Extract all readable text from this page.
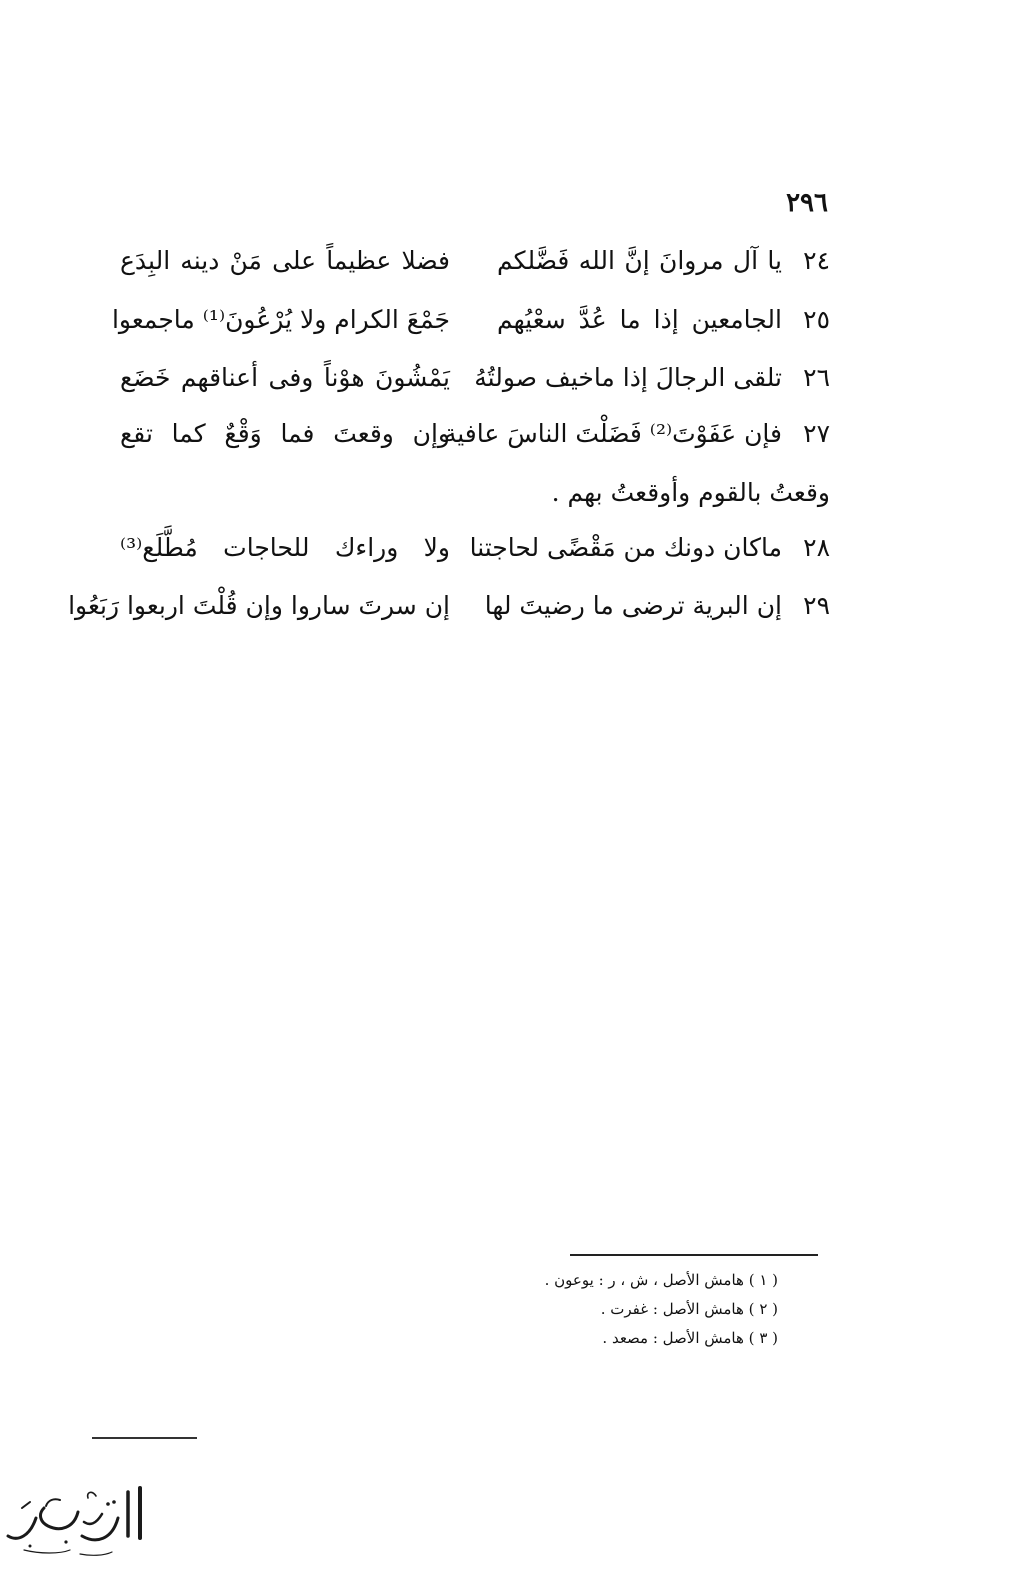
٢٩٦
٢٤
يا آل مروانَ إنَّ الله فَضَّلكم
فضلا عظيماً على مَنْ دينه البِدَع
٢٥
الجامعين إذا ما عُدَّ سعْيُهم
جَمْعَ الكرام ولا يُرْعُونَ⁽¹⁾ ماجمعوا
٢٦
تلقى الرجالَ إذا ماخيف صولتُهُ
يَمْشُونَ هوْناً وفى أعناقهم خَضَع
٢٧
فإن عَفَوْتَ⁽²⁾ فَضَلْتَ الناسَ عافية
وإن وقعتَ فما وَقْعٌ كما تقع
وقعتُ بالقوم وأوقعتُ بهم .
٢٨
ماكان دونك من مَقْضًى لحاجتنا
ولا وراءك للحاجات مُطَّلَع⁽³⁾
٢٩
إن البرية ترضى ما رضيتَ لها
إن سرتَ ساروا وإن قُلْتَ اربعوا رَبَعُوا
( ١ ) هامش الأصل ، ش ، ر : يوعون .
( ٢ ) هامش الأصل : غفرت .
( ٣ ) هامش الأصل : مصعد .
